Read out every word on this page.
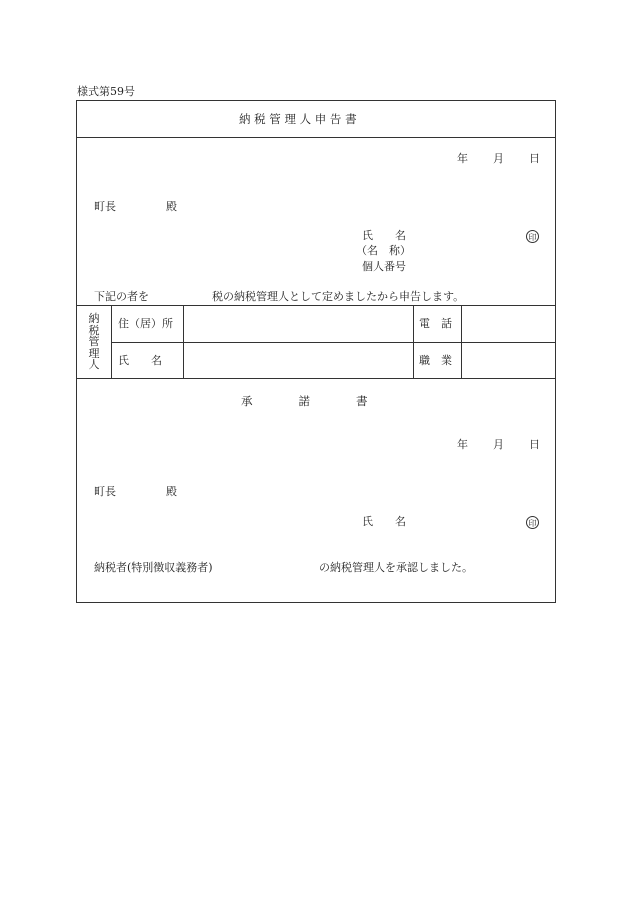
様式第59号
納 税 管 理 人 申 告 書
年 月 日
町長	殿
氏　　名
（名　称）
個人番号
印
下記の者を	税の納税管理人として定めましたから申告します。
納税管理人
住（居）所	電　話
氏　　名	職　業
承　　　　諾　　　　書
年 月 日
町長	殿
氏　　名	印
納税者(特別徴収義務者)	の納税管理人を承認しました。
